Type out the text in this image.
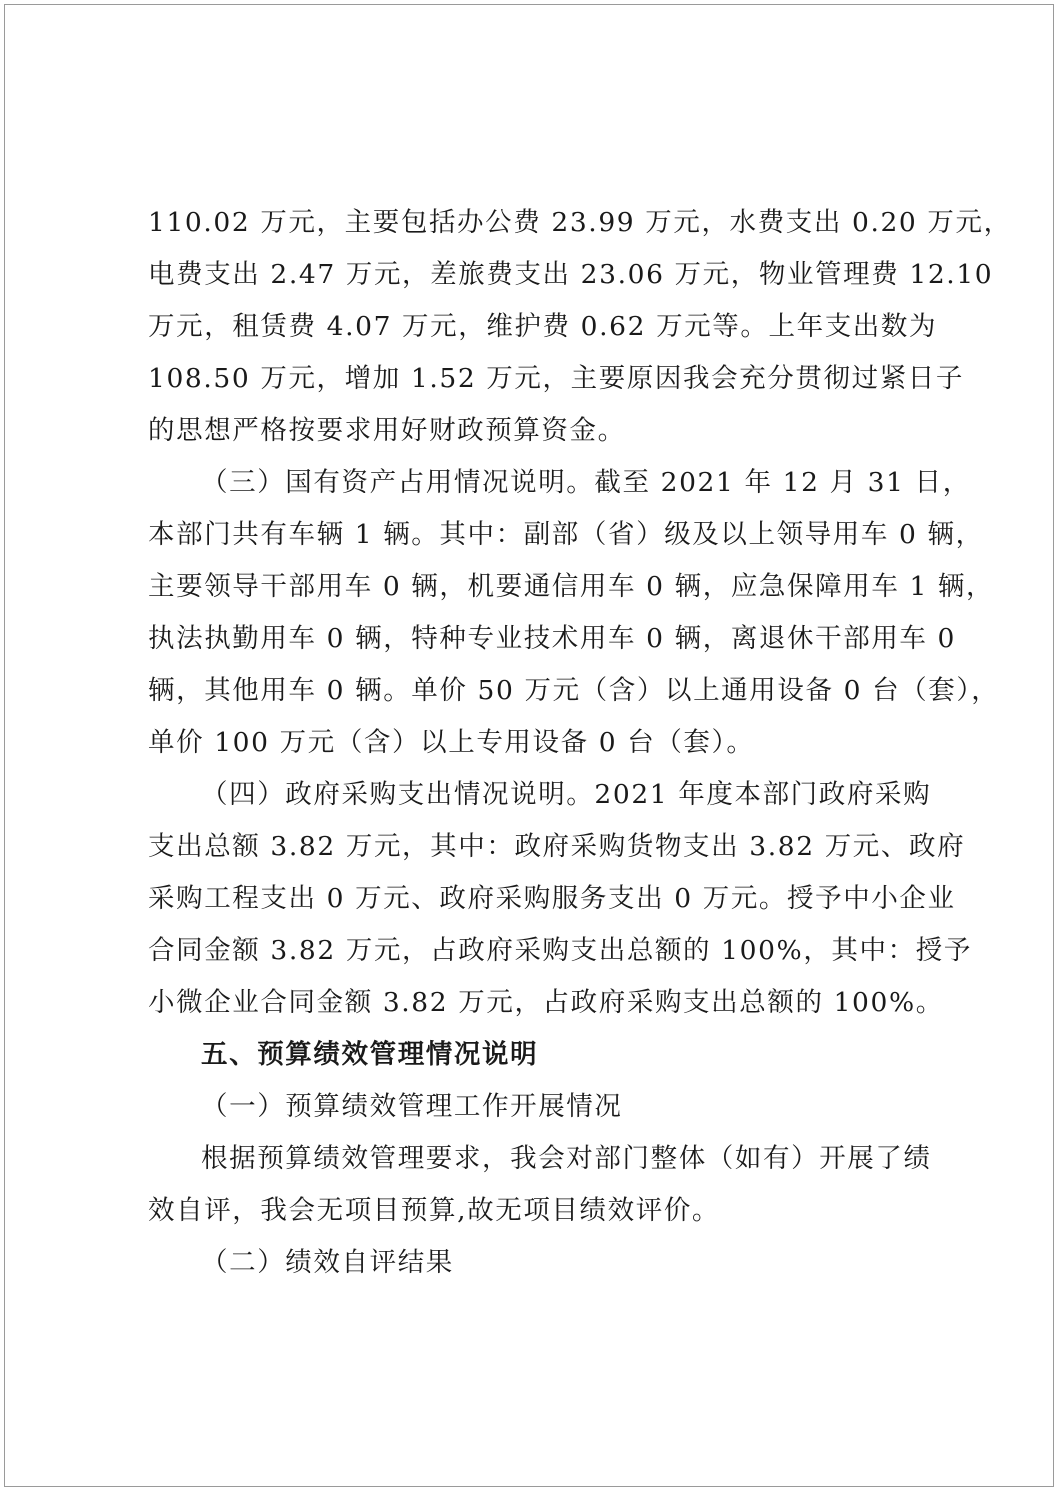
110.02 万元，主要包括办公费 23.99 万元，水费支出 0.20 万元，
电费支出 2.47 万元，差旅费支出 23.06 万元，物业管理费 12.10
万元，租赁费 4.07 万元，维护费 0.62 万元等。上年支出数为
108.50 万元，增加 1.52 万元，主要原因我会充分贯彻过紧日子
的思想严格按要求用好财政预算资金。
（三）国有资产占用情况说明。截至 2021 年 12 月 31 日，
本部门共有车辆 1 辆。其中：副部（省）级及以上领导用车 0 辆，
主要领导干部用车 0 辆，机要通信用车 0 辆，应急保障用车 1 辆，
执法执勤用车 0 辆，特种专业技术用车 0 辆，离退休干部用车 0
辆，其他用车 0 辆。单价 50 万元（含）以上通用设备 0 台（套），
单价 100 万元（含）以上专用设备 0 台（套）。
（四）政府采购支出情况说明。2021 年度本部门政府采购
支出总额 3.82 万元，其中：政府采购货物支出 3.82 万元、政府
采购工程支出 0 万元、政府采购服务支出 0 万元。授予中小企业
合同金额 3.82 万元，占政府采购支出总额的 100%，其中：授予
小微企业合同金额 3.82 万元，占政府采购支出总额的 100%。
五、预算绩效管理情况说明
（一）预算绩效管理工作开展情况
根据预算绩效管理要求，我会对部门整体（如有）开展了绩
效自评，我会无项目预算,故无项目绩效评价。
（二）绩效自评结果
